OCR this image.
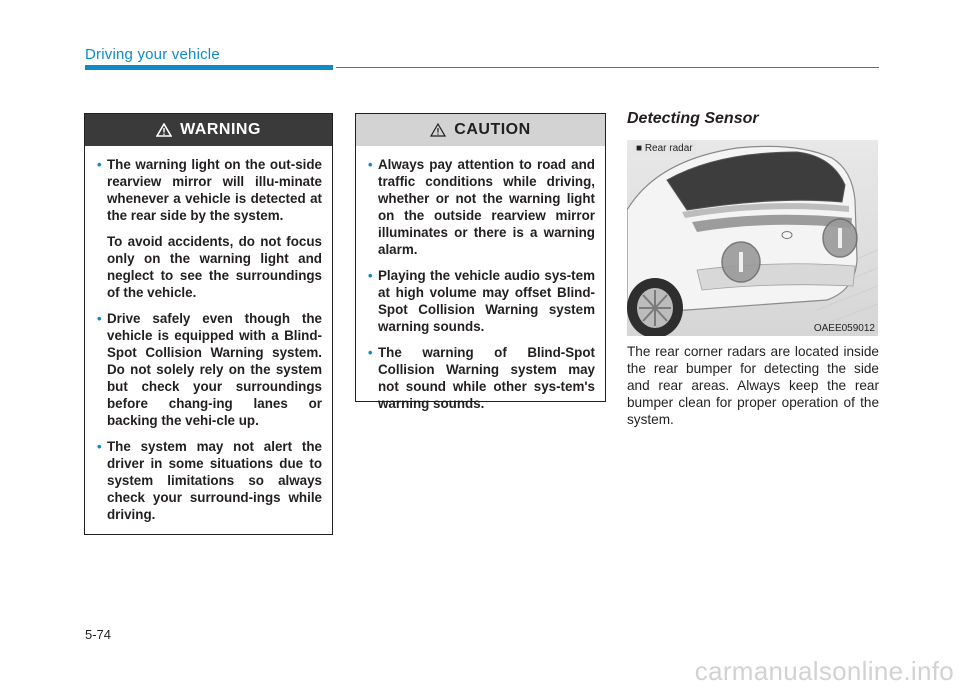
Driving your vehicle
WARNING
• The warning light on the out-side rearview mirror will illu-minate whenever a vehicle is detected at the rear side by the system.
To avoid accidents, do not focus only on the warning light and neglect to see the surroundings of the vehicle.
• Drive safely even though the vehicle is equipped with a Blind-Spot Collision Warning system. Do not solely rely on the system but check your surroundings before chang-ing lanes or backing the vehi-cle up.
• The system may not alert the driver in some situations due to system limitations so always check your surround-ings while driving.
CAUTION
• Always pay attention to road and traffic conditions while driving, whether or not the warning light on the outside rearview mirror illuminates or there is a warning alarm.
• Playing the vehicle audio sys-tem at high volume may offset Blind-Spot Collision Warning system warning sounds.
• The warning of Blind-Spot Collision Warning system may not sound while other sys-tem's warning sounds.
Detecting Sensor
■ Rear radar
OAEE059012
The rear corner radars are located inside the rear bumper for detecting the side and rear areas. Always keep the rear bumper clean for proper operation of the system.
5-74
carmanualsonline.info
